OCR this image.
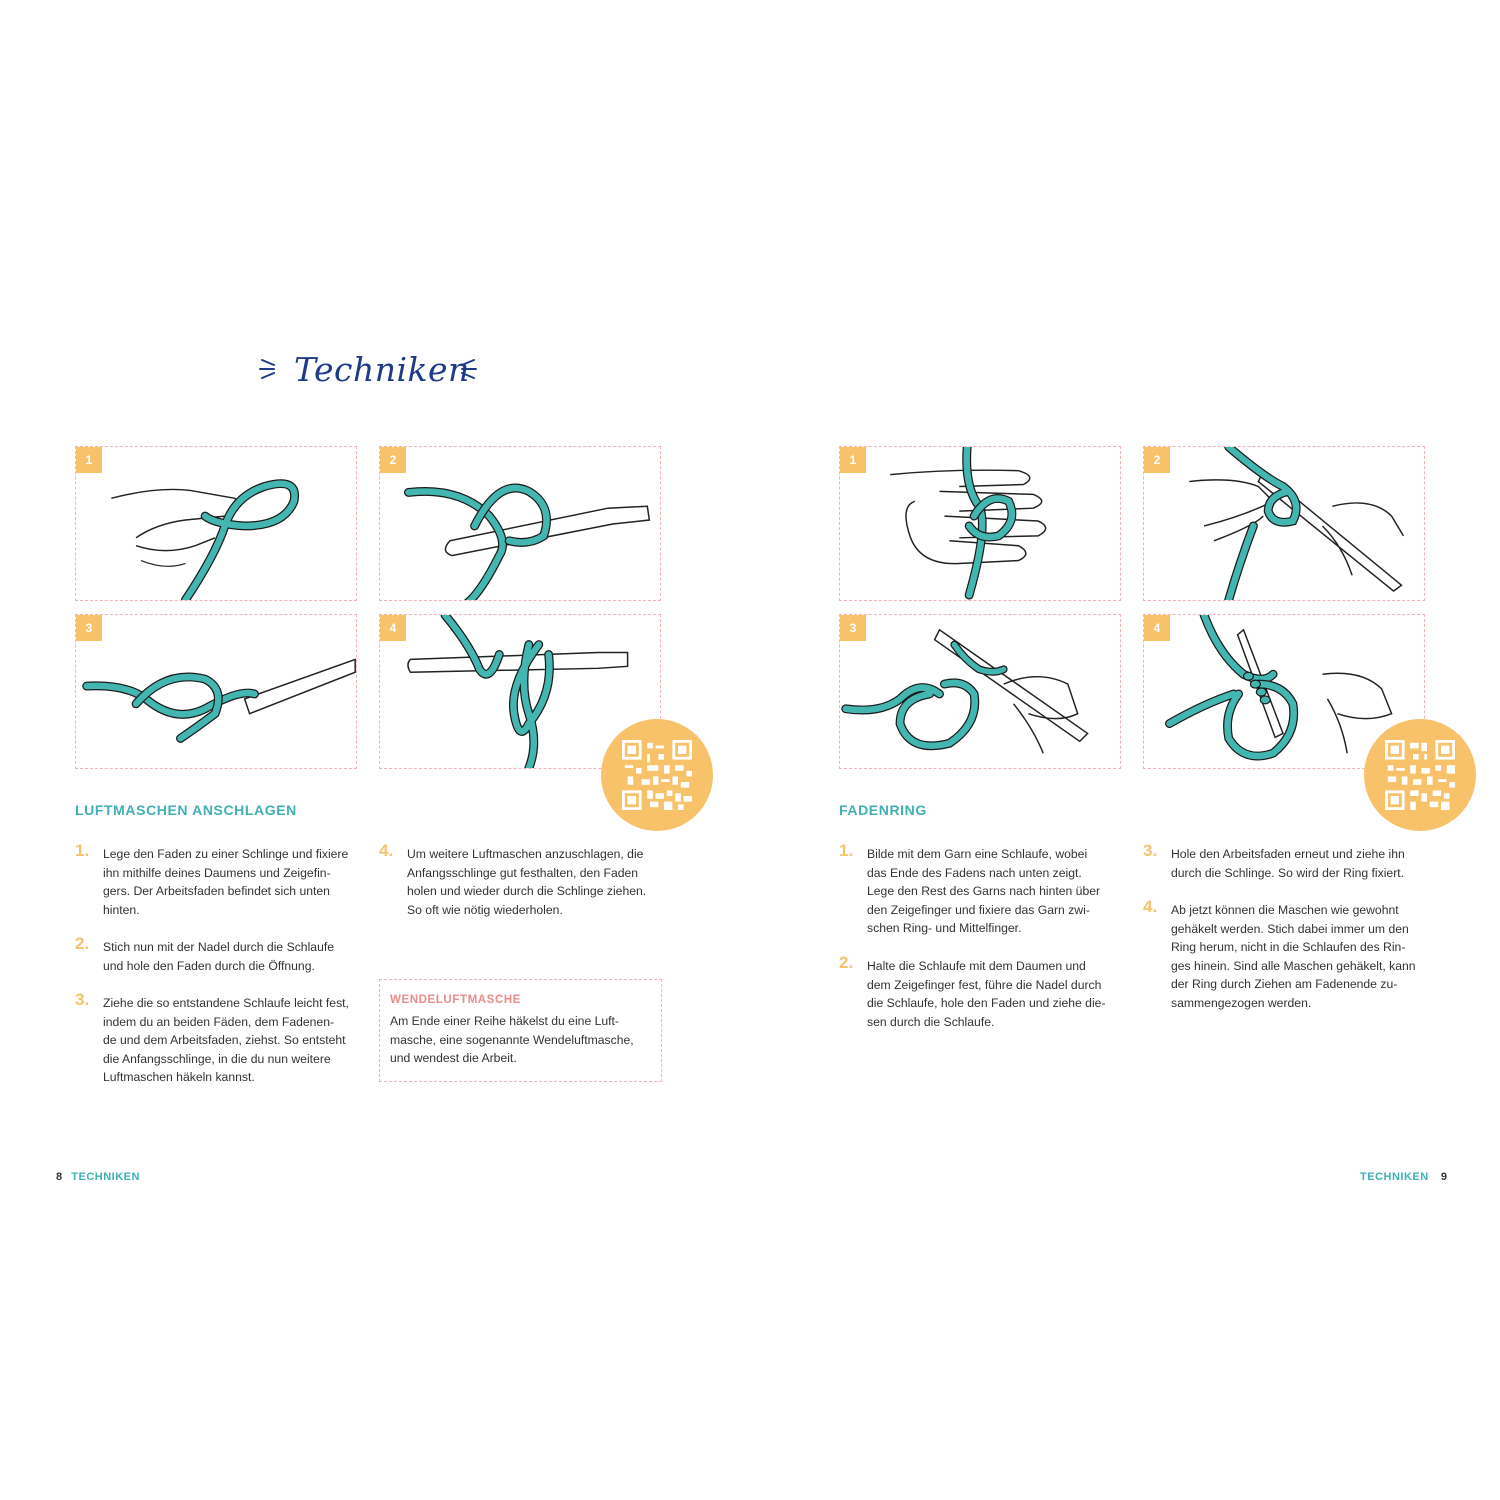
Techniken
1	2
3	4
LUFTMASCHEN ANSCHLAGEN
1. Lege den Faden zu einer Schlinge und fixiere
ihn mithilfe deines Daumens und Zeigefin-
gers. Der Arbeitsfaden befindet sich unten
hinten.
2. Stich nun mit der Nadel durch die Schlaufe
und hole den Faden durch die Öffnung.
3. Ziehe die so entstandene Schlaufe leicht fest,
indem du an beiden Fäden, dem Fadenen-
de und dem Arbeitsfaden, ziehst. So entsteht
die Anfangsschlinge, in die du nun weitere
Luftmaschen häkeln kannst.
4. Um weitere Luftmaschen anzuschlagen, die
Anfangsschlinge gut festhalten, den Faden
holen und wieder durch die Schlinge ziehen.
So oft wie nötig wiederholen.
WENDELUFTMASCHE
Am Ende einer Reihe häkelst du eine Luft-
masche, eine sogenannte Wendeluftmasche,
und wendest die Arbeit.
8 TECHNIKEN
1	2
3	4
FADENRING
1. Bilde mit dem Garn eine Schlaufe, wobei
das Ende des Fadens nach unten zeigt.
Lege den Rest des Garns nach hinten über
den Zeigefinger und fixiere das Garn zwi-
schen Ring- und Mittelfinger.
2. Halte die Schlaufe mit dem Daumen und
dem Zeigefinger fest, führe die Nadel durch
die Schlaufe, hole den Faden und ziehe die-
sen durch die Schlaufe.
3. Hole den Arbeitsfaden erneut und ziehe ihn
durch die Schlinge. So wird der Ring fixiert.
4. Ab jetzt können die Maschen wie gewohnt
gehäkelt werden. Stich dabei immer um den
Ring herum, nicht in die Schlaufen des Rin-
ges hinein. Sind alle Maschen gehäkelt, kann
der Ring durch Ziehen am Fadenende zu-
sammengezogen werden.
TECHNIKEN 9
